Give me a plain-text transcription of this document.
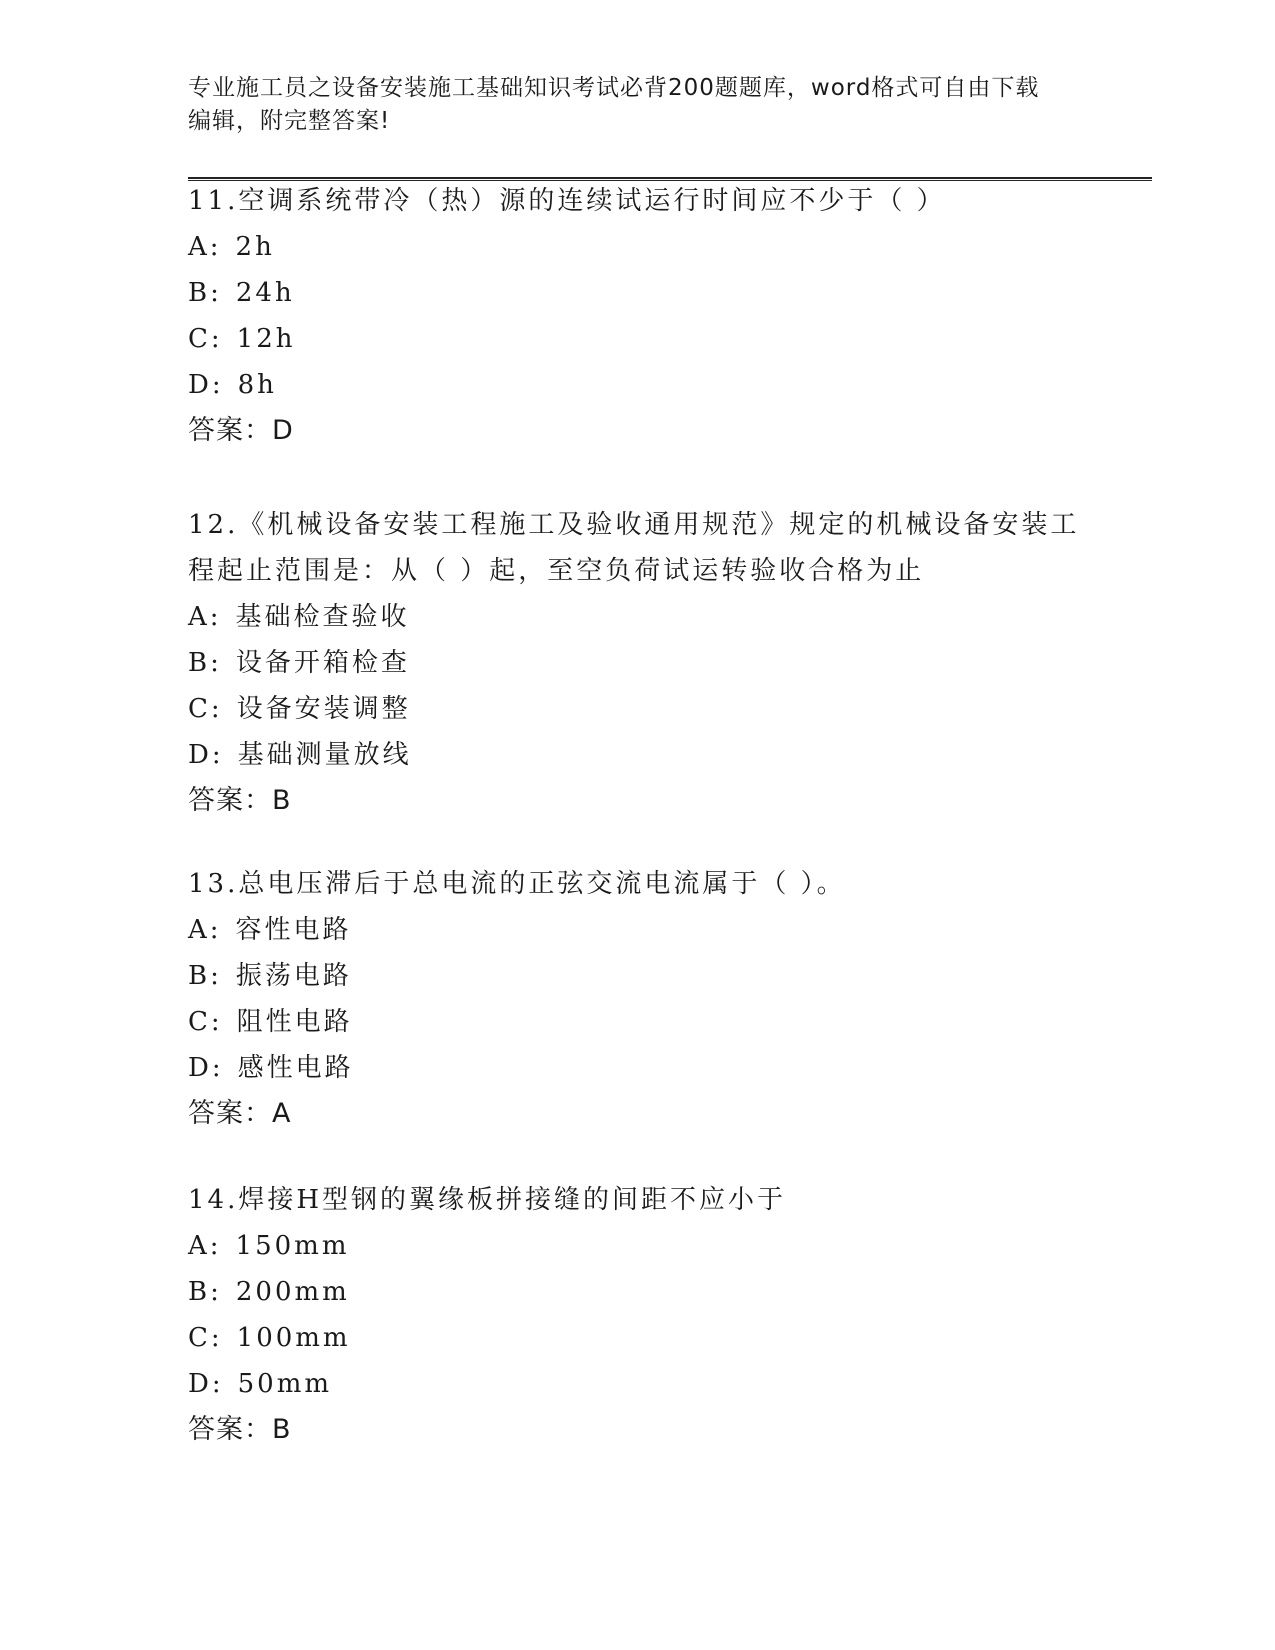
专业施工员之设备安装施工基础知识考试必背200题题库，word格式可自由下载
编辑，附完整答案!

11.空调系统带冷（热）源的连续试运行时间应不少于（ ）

A: 2h

B: 24h

C: 12h

D: 8h

答案：D

12.《机械设备安装工程施工及验收通用规范》规定的机械设备安装工

程起止范围是：从（ ）起，至空负荷试运转验收合格为止

A: 基础检查验收

B: 设备开箱检查

C: 设备安装调整

D: 基础测量放线

答案：B

13.总电压滞后于总电流的正弦交流电流属于（ ）。

A: 容性电路

B: 振荡电路

C: 阻性电路

D: 感性电路

答案：A

14.焊接H型钢的翼缘板拼接缝的间距不应小于

A: 150mm

B: 200mm

C: 100mm

D: 50mm

答案：B
